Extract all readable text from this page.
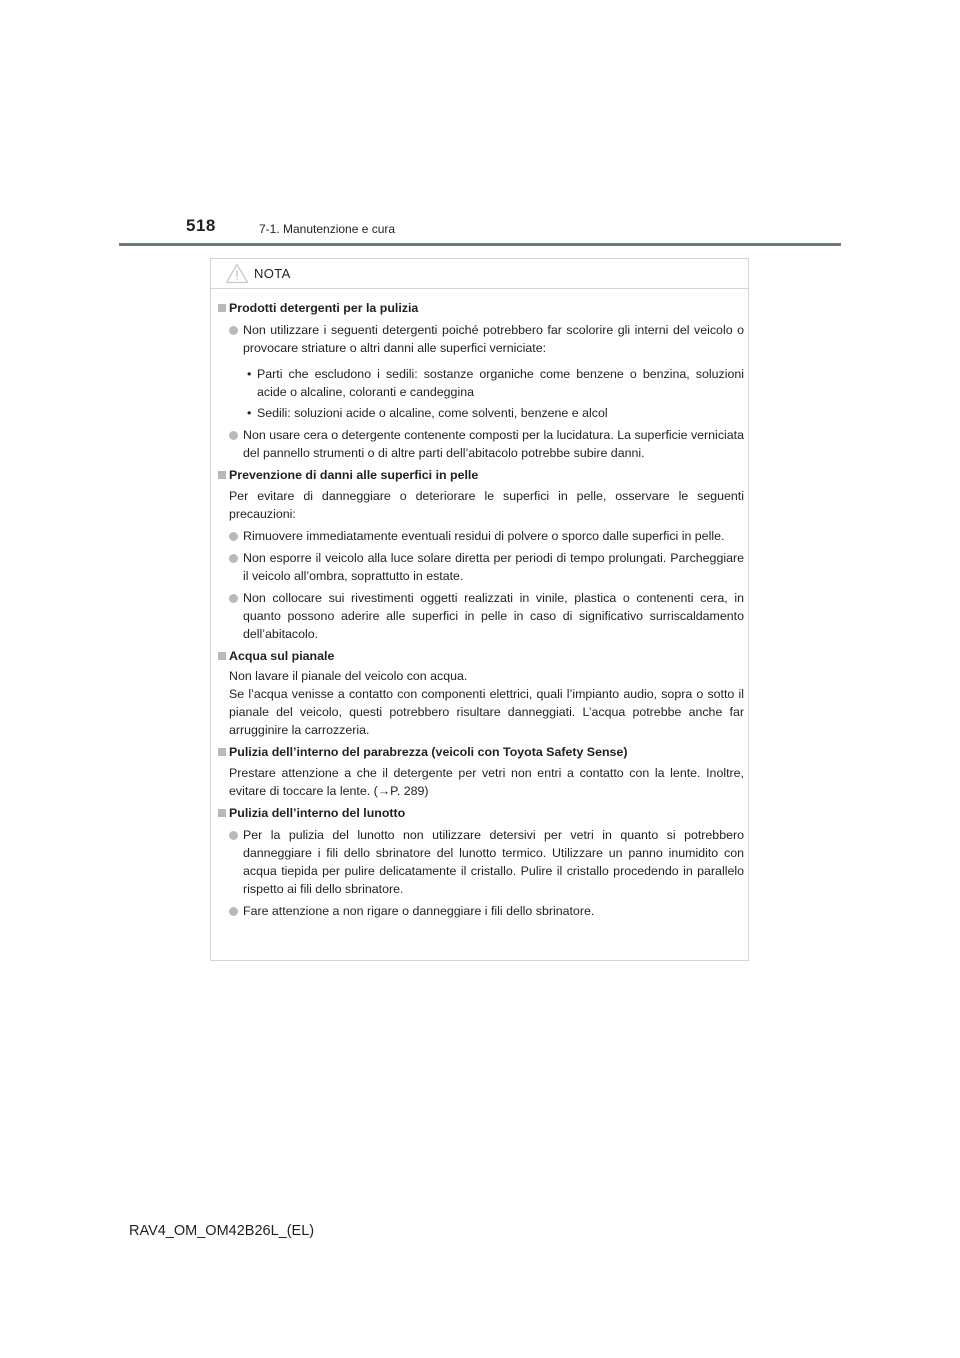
518	7-1. Manutenzione e cura
NOTA
Prodotti detergenti per la pulizia
Non utilizzare i seguenti detergenti poiché potrebbero far scolorire gli interni del veicolo o provocare striature o altri danni alle superfici verniciate:
• Parti che escludono i sedili: sostanze organiche come benzene o benzina, soluzioni acide o alcaline, coloranti e candeggina
• Sedili: soluzioni acide o alcaline, come solventi, benzene e alcol
Non usare cera o detergente contenente composti per la lucidatura. La superficie verniciata del pannello strumenti o di altre parti dell’abitacolo potrebbe subire danni.
Prevenzione di danni alle superfici in pelle

Per evitare di danneggiare o deteriorare le superfici in pelle, osservare le seguenti precauzioni:

Rimuovere immediatamente eventuali residui di polvere o sporco dalle superfici in pelle.
Non esporre il veicolo alla luce solare diretta per periodi di tempo prolungati. Parcheggiare il veicolo all’ombra, soprattutto in estate.
Non collocare sui rivestimenti oggetti realizzati in vinile, plastica o contenenti cera, in quanto possono aderire alle superfici in pelle in caso di significativo surriscaldamento dell’abitacolo.
Acqua sul pianale

Non lavare il pianale del veicolo con acqua.

Se l’acqua venisse a contatto con componenti elettrici, quali l’impianto audio, sopra o sotto il pianale del veicolo, questi potrebbero risultare danneggiati. L’acqua potrebbe anche far arrugginire la carrozzeria.

Pulizia dell’interno del parabrezza (veicoli con Toyota Safety Sense)

Prestare attenzione a che il detergente per vetri non entri a contatto con la lente. Inoltre, evitare di toccare la lente. (→P. 289)

Pulizia dell’interno del lunotto
Per la pulizia del lunotto non utilizzare detersivi per vetri in quanto si potrebbero danneggiare i fili dello sbrinatore del lunotto termico. Utilizzare un panno inumidito con acqua tiepida per pulire delicatamente il cristallo. Pulire il cristallo procedendo in parallelo rispetto ai fili dello sbrinatore.
Fare attenzione a non rigare o danneggiare i fili dello sbrinatore.
RAV4_OM_OM42B26L_(EL)
